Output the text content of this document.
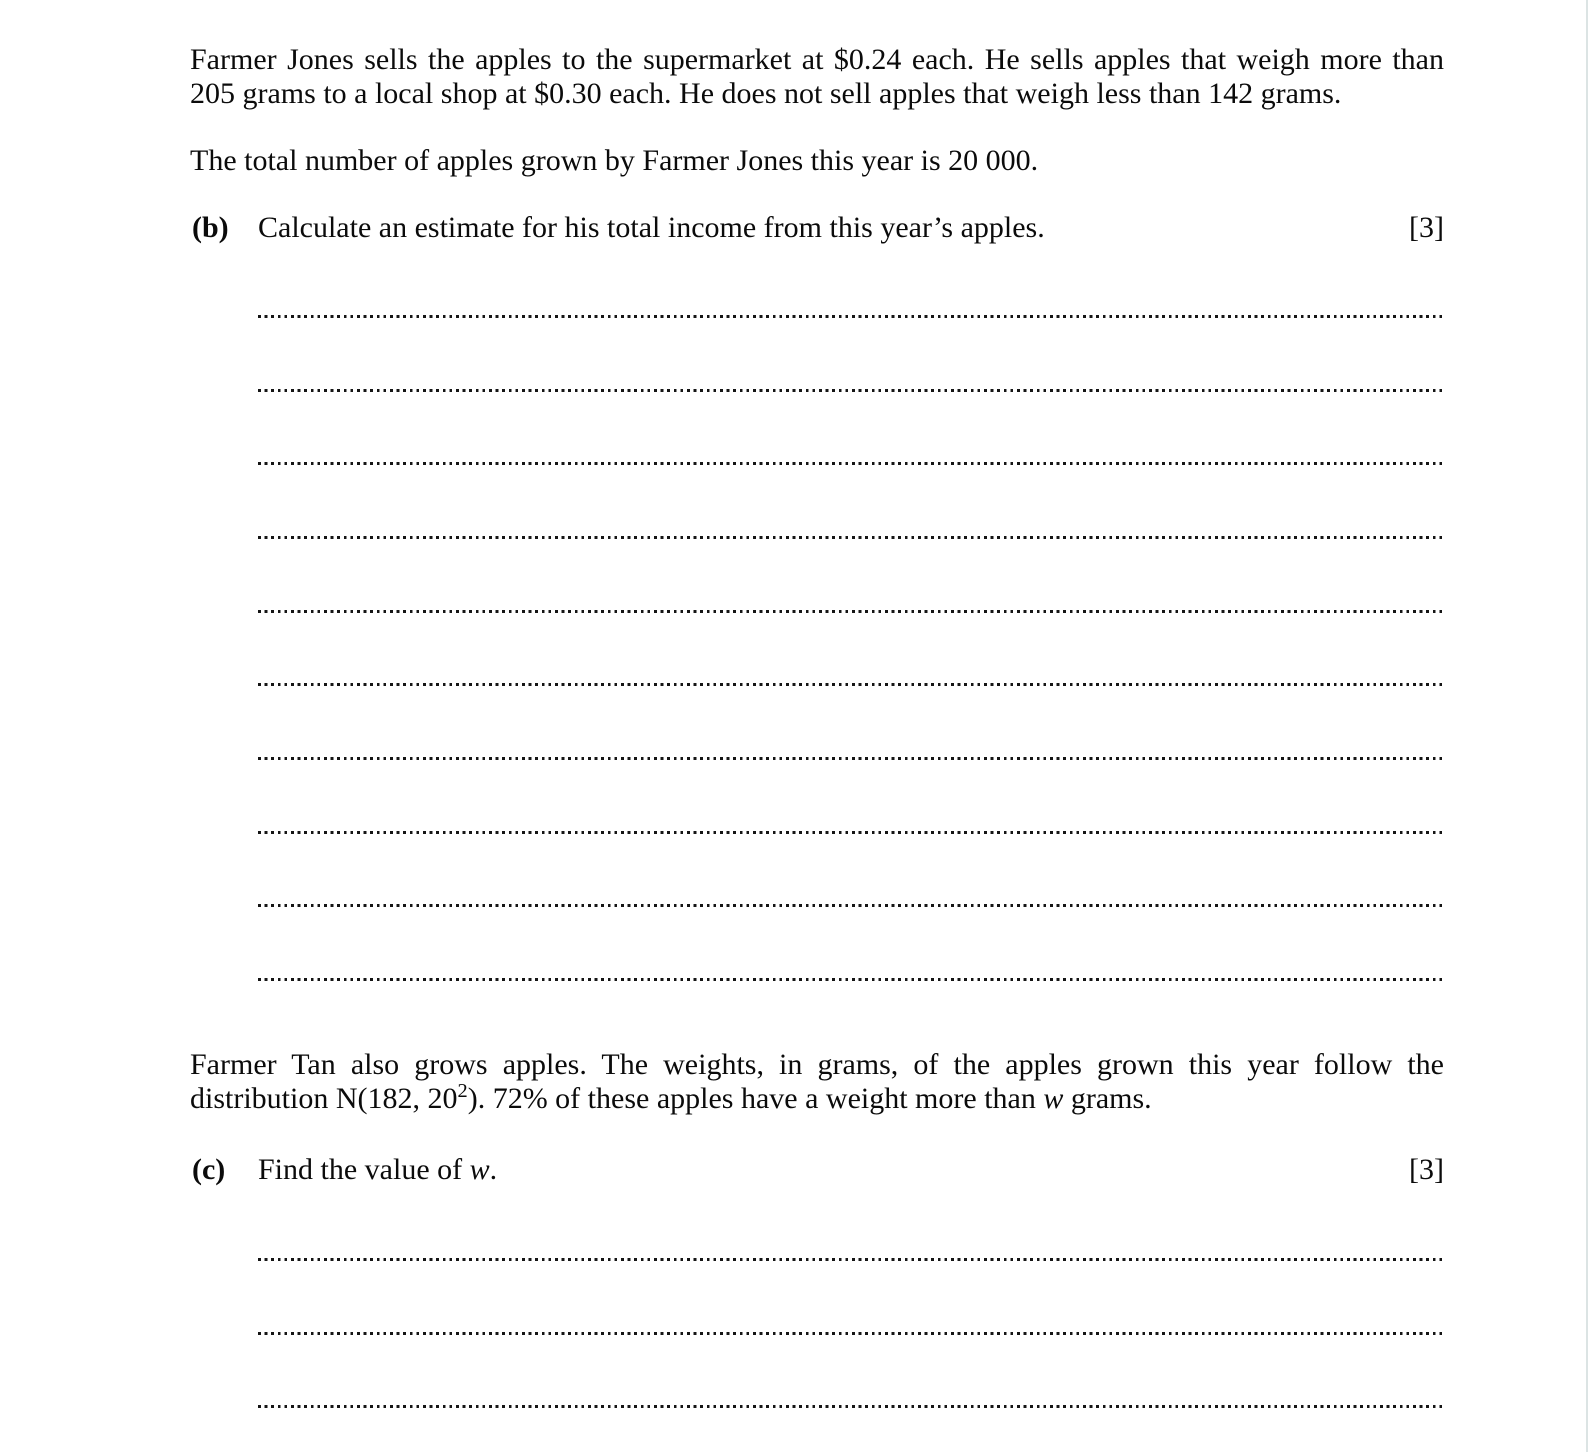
Farmer Jones sells the apples to the supermarket at $0.24 each. He sells apples that weigh more than
205 grams to a local shop at $0.30 each. He does not sell apples that weigh less than 142 grams.
The total number of apples grown by Farmer Jones this year is 20 000.
(b) Calculate an estimate for his total income from this year’s apples.	[3]
Farmer Tan also grows apples. The weights, in grams, of the apples grown this year follow the
distribution N(182, $20^2$). 72% of these apples have a weight more than w grams.
(c) Find the value of w.	[3]
